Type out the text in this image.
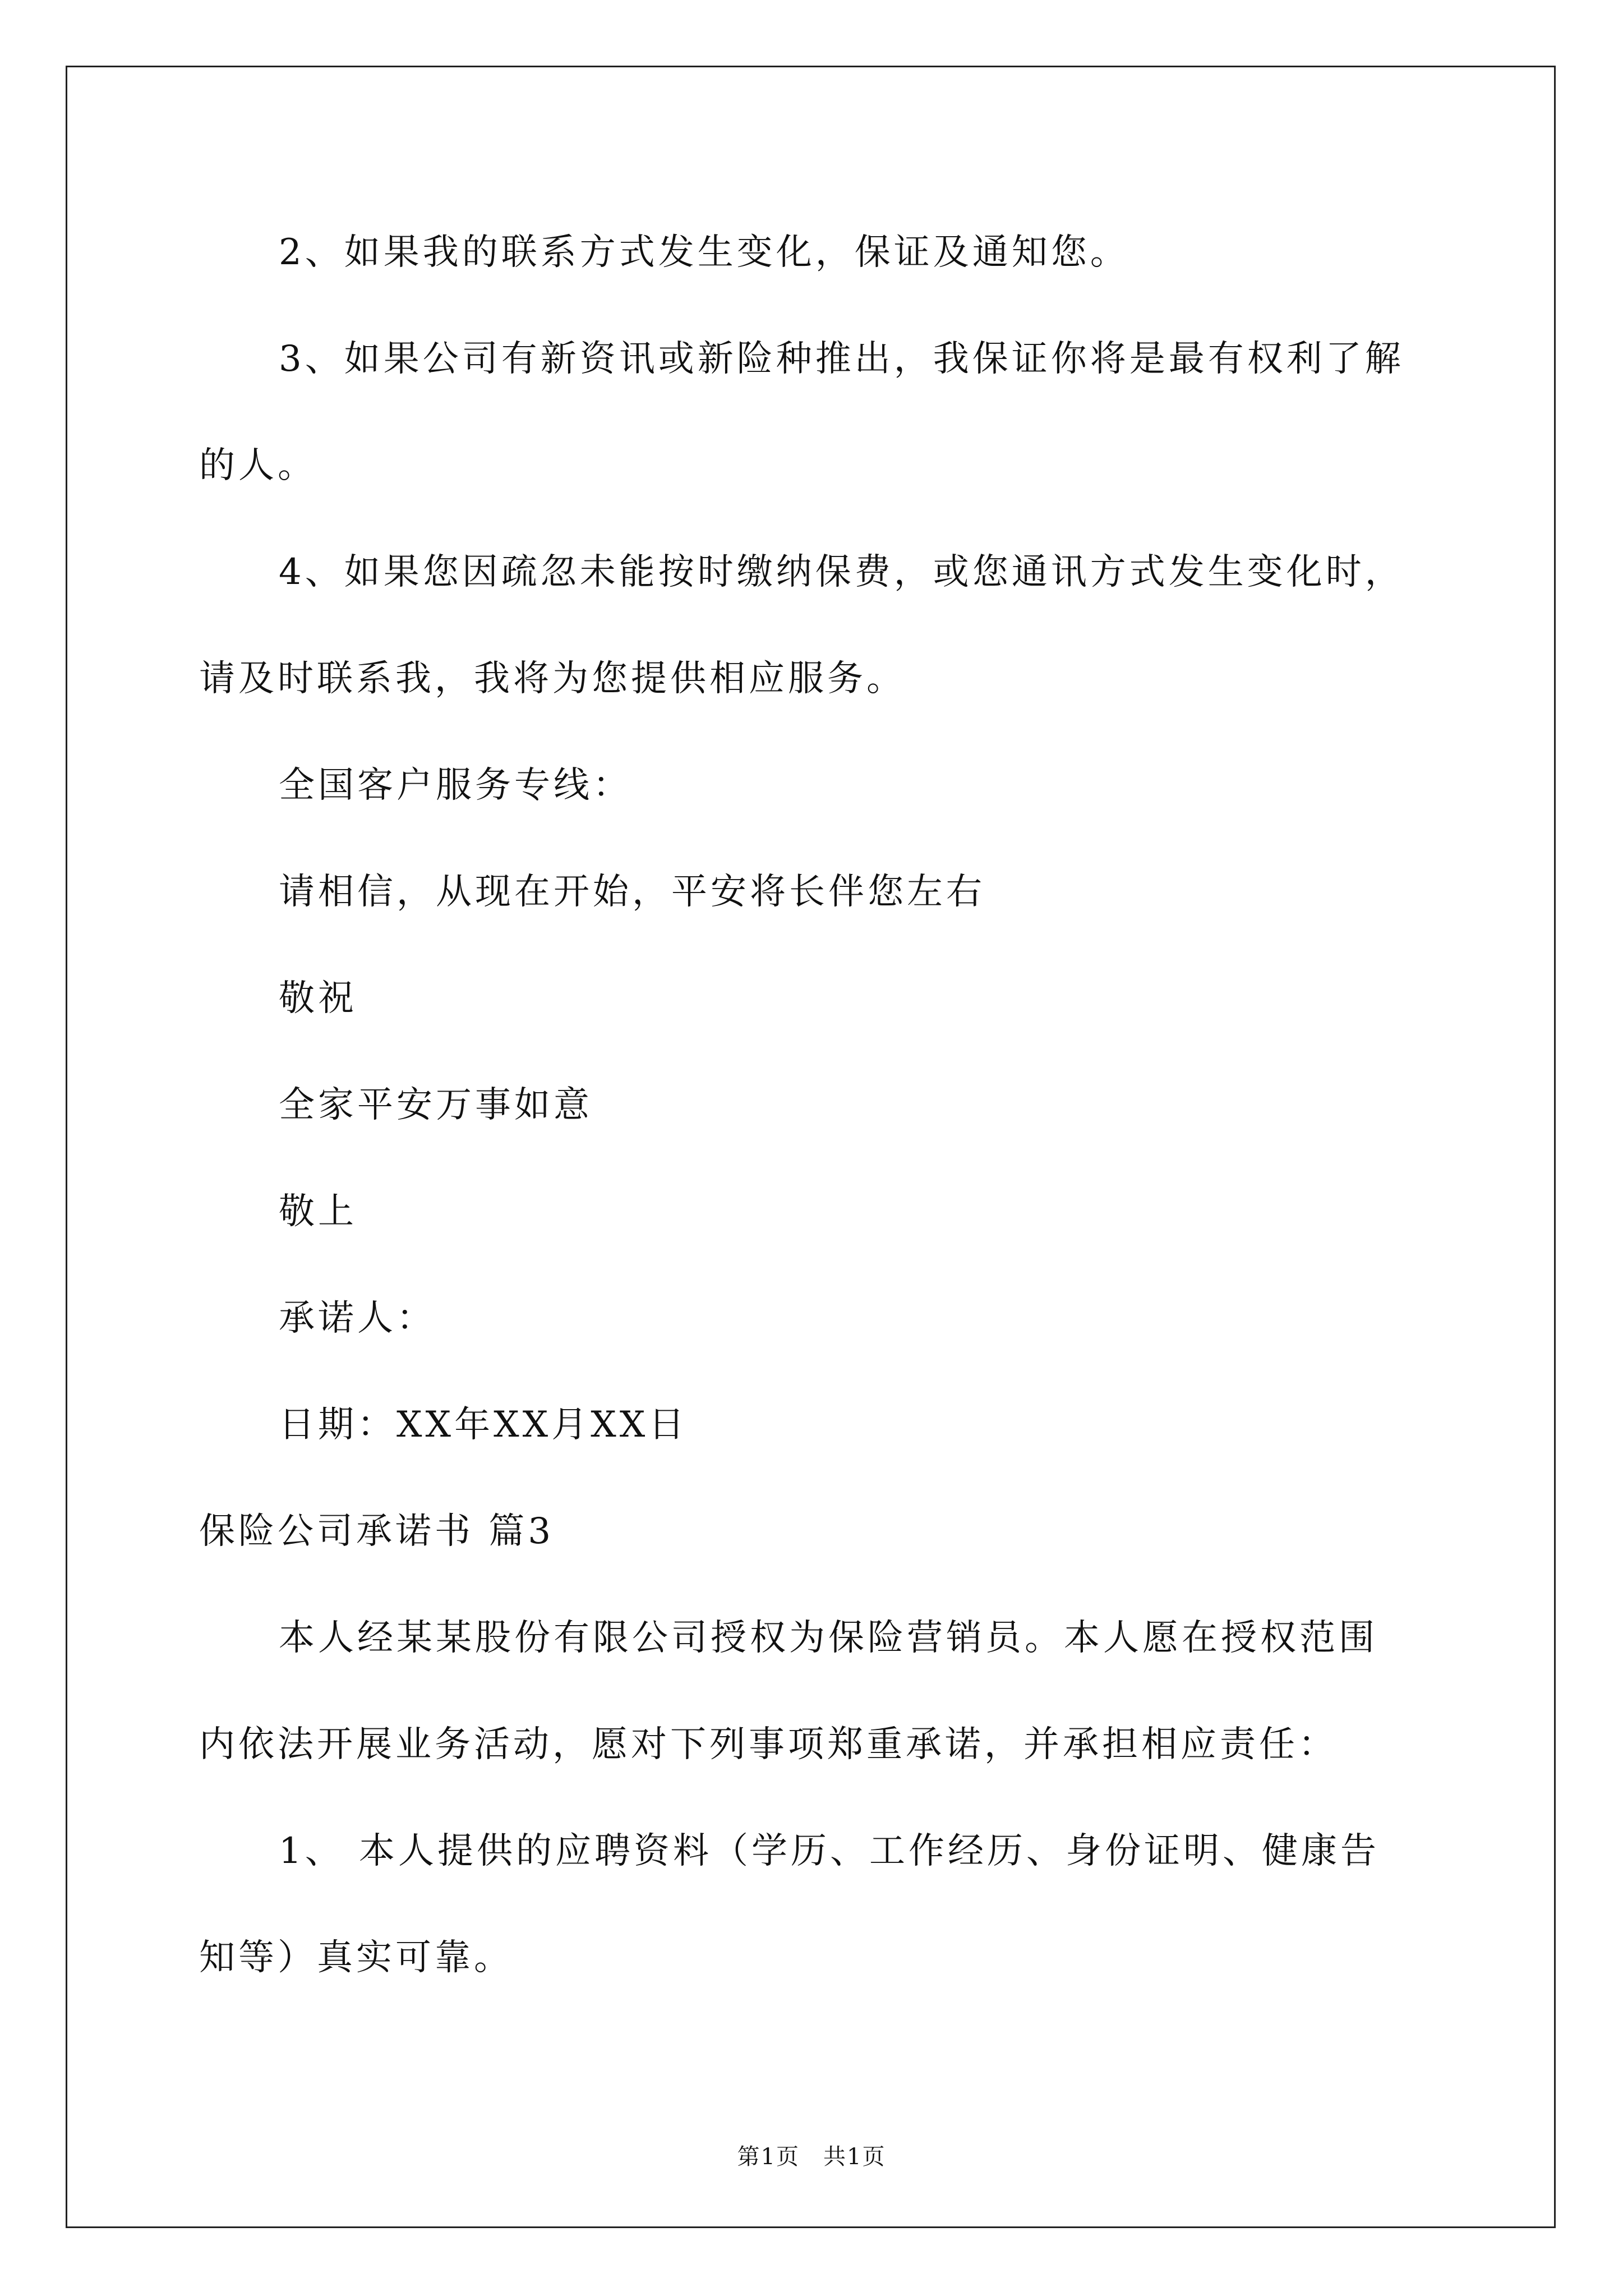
2、如果我的联系方式发生变化，保证及通知您。
3、如果公司有新资讯或新险种推出，我保证你将是最有权利了解
的人。
4、如果您因疏忽未能按时缴纳保费，或您通讯方式发生变化时，
请及时联系我，我将为您提供相应服务。
全国客户服务专线：
请相信，从现在开始，平安将长伴您左右
敬祝
全家平安万事如意
敬上
承诺人：
日期：XX年XX月XX日
保险公司承诺书 篇3
本人经某某股份有限公司授权为保险营销员。本人愿在授权范围
内依法开展业务活动，愿对下列事项郑重承诺，并承担相应责任：
1、 本人提供的应聘资料（学历、工作经历、身份证明、健康告
知等）真实可靠。
第1页 共1页
